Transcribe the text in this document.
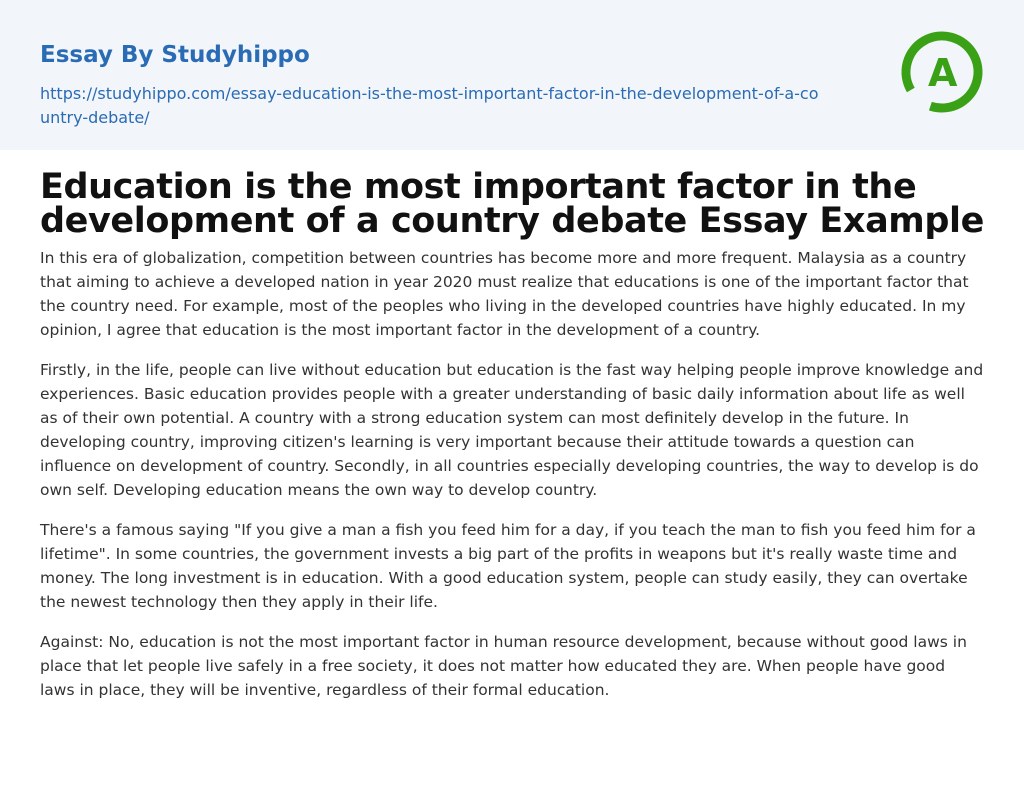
Essay By Studyhippo
https://studyhippo.com/essay-education-is-the-most-important-factor-in-the-development-of-a-country-debate/
A
Education is the most important factor in the development of a country debate Essay Example

In this era of globalization, competition between countries has become more and more frequent. Malaysia as a country that aiming to achieve a developed nation in year 2020 must realize that educations is one of the important factor that the country need. For example, most of the peoples who living in the developed countries have highly educated. In my opinion, I agree that education is the most important factor in the development of a country.

Firstly, in the life, people can live without education but education is the fast way helping people improve knowledge and experiences. Basic education provides people with a greater understanding of basic daily information about life as well as of their own potential. A country with a strong education system can most definitely develop in the future. In developing country, improving citizen's learning is very important because their attitude towards a question can influence on development of country. Secondly, in all countries especially developing countries, the way to develop is do own self. Developing education means the own way to develop country.

There's a famous saying "If you give a man a fish you feed him for a day, if you teach the man to fish you feed him for a lifetime". In some countries, the government invests a big part of the profits in weapons but it's really waste time and money. The long investment is in education. With a good education system, people can study easily, they can overtake the newest technology then they apply in their life.

Against: No, education is not the most important factor in human resource development, because without good laws in place that let people live safely in a free society, it does not matter how educated they are. When people have good laws in place, they will be inventive, regardless of their formal education.
